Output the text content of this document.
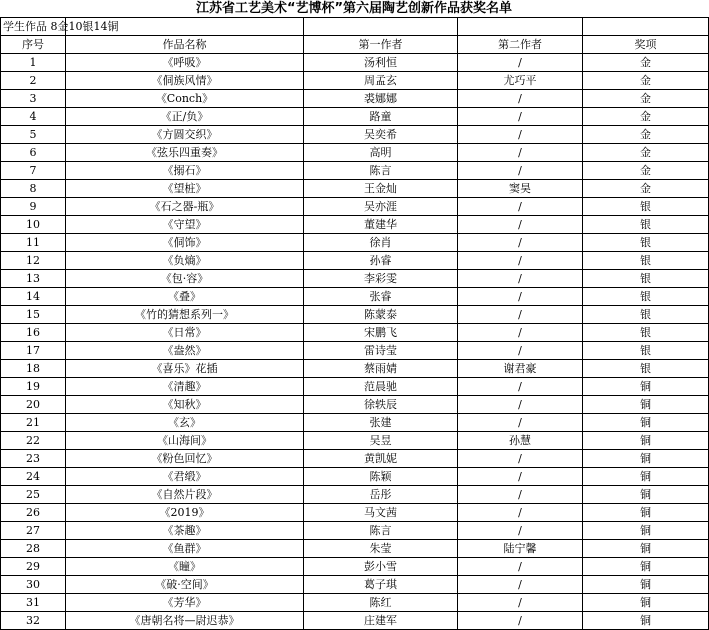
江苏省工艺美术“艺博杯”第六届陶艺创新作品获奖名单
学生作品 8金10银14铜				
序号	作品名称	第一作者	第二作者	奖项
1	《呼吸》	汤利恒	/	金
2	《侗族风情》	周孟玄	尤巧平	金
3	《Conch》	裘娜娜	/	金
4	《正/负》	路童	/	金
5	《方圆交织》	吴奕希	/	金
6	《弦乐四重奏》	高明	/	金
7	《搦石》	陈言	/	金
8	《望桩》	王金灿	窦昊	金
9	《石之器-瓶》	吴亦涯	/	银
10	《守望》	董建华	/	银
11	《侗饰》	徐肖	/	银
12	《负熵》	孙睿	/	银
13	《包·容》	李彩雯	/	银
14	《叠》	张睿	/	银
15	《竹的猜想系列一》	陈蒙泰	/	银
16	《日常》	宋鹏飞	/	银
17	《盎然》	雷诗莹	/	银
18	《喜乐》花插	蔡雨婧	谢君豪	银
19	《清趣》	范晨驰	/	铜
20	《知秋》	徐轶辰	/	铜
21	《玄》	张建	/	铜
22	《山海间》	吴昱	孙慧	铜
23	《粉色回忆》	黄凯妮	/	铜
24	《君缎》	陈颖	/	铜
25	《自然片段》	岳彤	/	铜
26	《2019》	马文茜	/	铜
27	《茶趣》	陈言	/	铜
28	《鱼群》	朱莹	陆宁馨	铜
29	《瞳》	彭小雪	/	铜
30	《破·空间》	葛子琪	/	铜
31	《芳华》	陈红	/	铜
32	《唐朝名将—尉迟恭》	庄建军	/	铜
